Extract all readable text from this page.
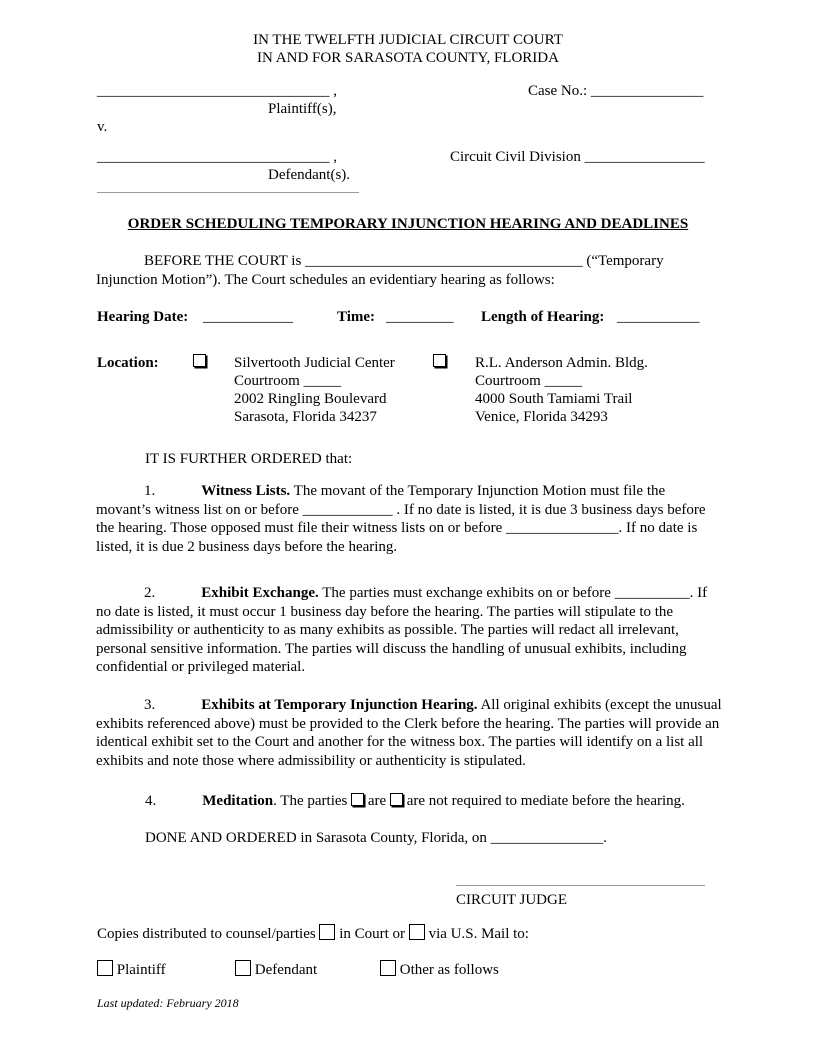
IN THE TWELFTH JUDICIAL CIRCUIT COURT
IN AND FOR SARASOTA COUNTY, FLORIDA
_______________________________ ,
Plaintiff(s),
Case No.: _______________
v.
_______________________________ ,	Circuit Civil Division ________________
Defendant(s).
ORDER SCHEDULING TEMPORARY INJUNCTION HEARING AND DEADLINES
BEFORE THE COURT is _____________________________________ (“Temporary Injunction Motion”). The Court schedules an evidentiary hearing as follows:
Hearing Date: ____________	Time: _________ Length of Hearing: ___________
Location:	Silvertooth Judicial Center
Courtroom _____
2002 Ringling Boulevard
Sarasota, Florida 34237
R.L. Anderson Admin. Bldg.
Courtroom _____
4000 South Tamiami Trail
Venice, Florida 34293
IT IS FURTHER ORDERED that:
1.	Witness Lists. The movant of the Temporary Injunction Motion must file the movant’s witness list on or before ____________ . If no date is listed, it is due 3 business days before the hearing. Those opposed must file their witness lists on or before _______________. If no date is listed, it is due 2 business days before the hearing.
2.	Exhibit Exchange. The parties must exchange exhibits on or before __________. If no date is listed, it must occur 1 business day before the hearing. The parties will stipulate to the admissibility or authenticity to as many exhibits as possible. The parties will redact all irrelevant, personal sensitive information. The parties will discuss the handling of unusual exhibits, including confidential or privileged material.
3.	Exhibits at Temporary Injunction Hearing. All original exhibits (except the unusual exhibits referenced above) must be provided to the Clerk before the hearing. The parties will provide an identical exhibit set to the Court and another for the witness box. The parties will identify on a list all exhibits and note those where admissibility or authenticity is stipulated.
4.	Meditation. The parties  are  are not required to mediate before the hearing.
DONE AND ORDERED in Sarasota County, Florida, on _______________.
CIRCUIT JUDGE
Copies distributed to counsel/parties  in Court or  via U.S. Mail to:
Plaintiff	Defendant	Other as follows
Last updated: February 2018
